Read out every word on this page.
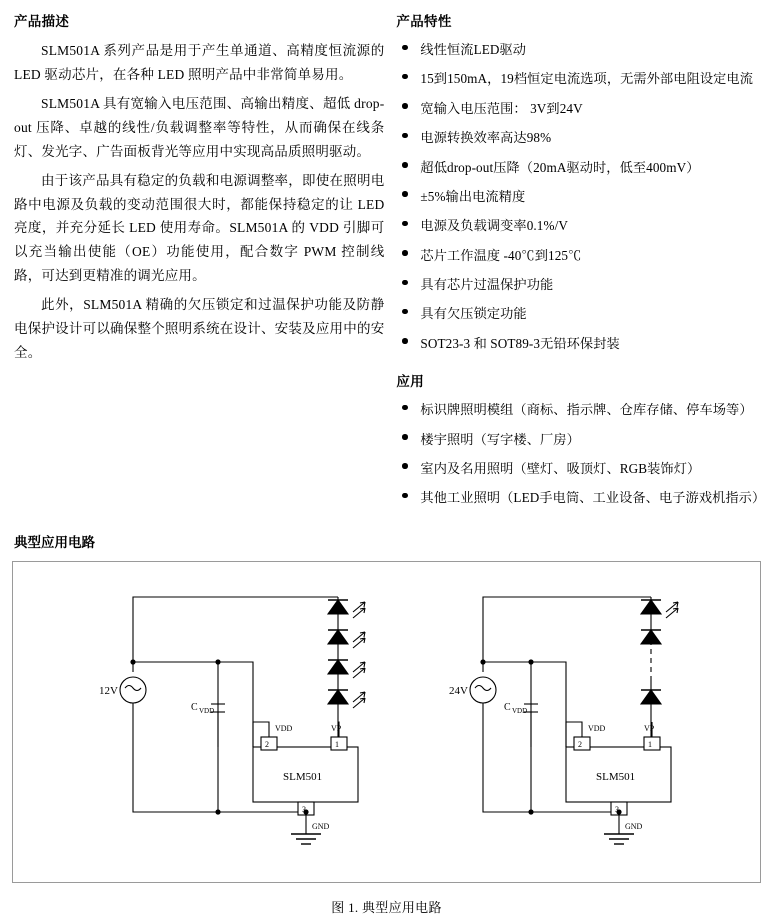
产品描述

SLM501A 系列产品是用于产生单通道、高精度恒流源的 LED 驱动芯片，在各种 LED 照明产品中非常简单易用。

SLM501A 具有宽输入电压范围、高输出精度、超低 drop-out 压降、卓越的线性/负载调整率等特性，从而确保在线条灯、发光字、广告面板背光等应用中实现高品质照明驱动。

由于该产品具有稳定的负载和电源调整率，即使在照明电路中电源及负载的变动范围很大时，都能保持稳定的让 LED 亮度，并充分延长 LED 使用寿命。SLM501A 的 VDD 引脚可以充当输出使能（OE）功能使用，配合数字 PWM 控制线路，可达到更精准的调光应用。

此外，SLM501A 精确的欠压锁定和过温保护功能及防静电保护设计可以确保整个照明系统在设计、安装及应用中的安全。

产品特性
线性恒流LED驱动
15到150mA，19档恒定电流选项，无需外部电阻设定电流
宽输入电压范围： 3V到24V
电源转换效率高达98%
超低drop-out压降（20mA驱动时，低至400mV）
±5%输出电流精度
电源及负载调变率0.1%/V
芯片工作温度 -40℃到125℃
具有芯片过温保护功能
具有欠压锁定功能
SOT23-3 和 SOT89-3无铅环保封装
应用
标识牌照明模组（商标、指示牌、仓库存储、停车场等）
楼宇照明（写字楼、厂房）
室内及名用照明（壁灯、吸顶灯、RGB装饰灯）
其他工业照明（LED手电筒、工业设备、电子游戏机指示）
典型应用电路
12V
C VDD
SLM501
VDD	VP
GND
2	1
3
24V
C VDD
SLM501
VDD	VP
GND
2	1
3
图 1. 典型应用电路
